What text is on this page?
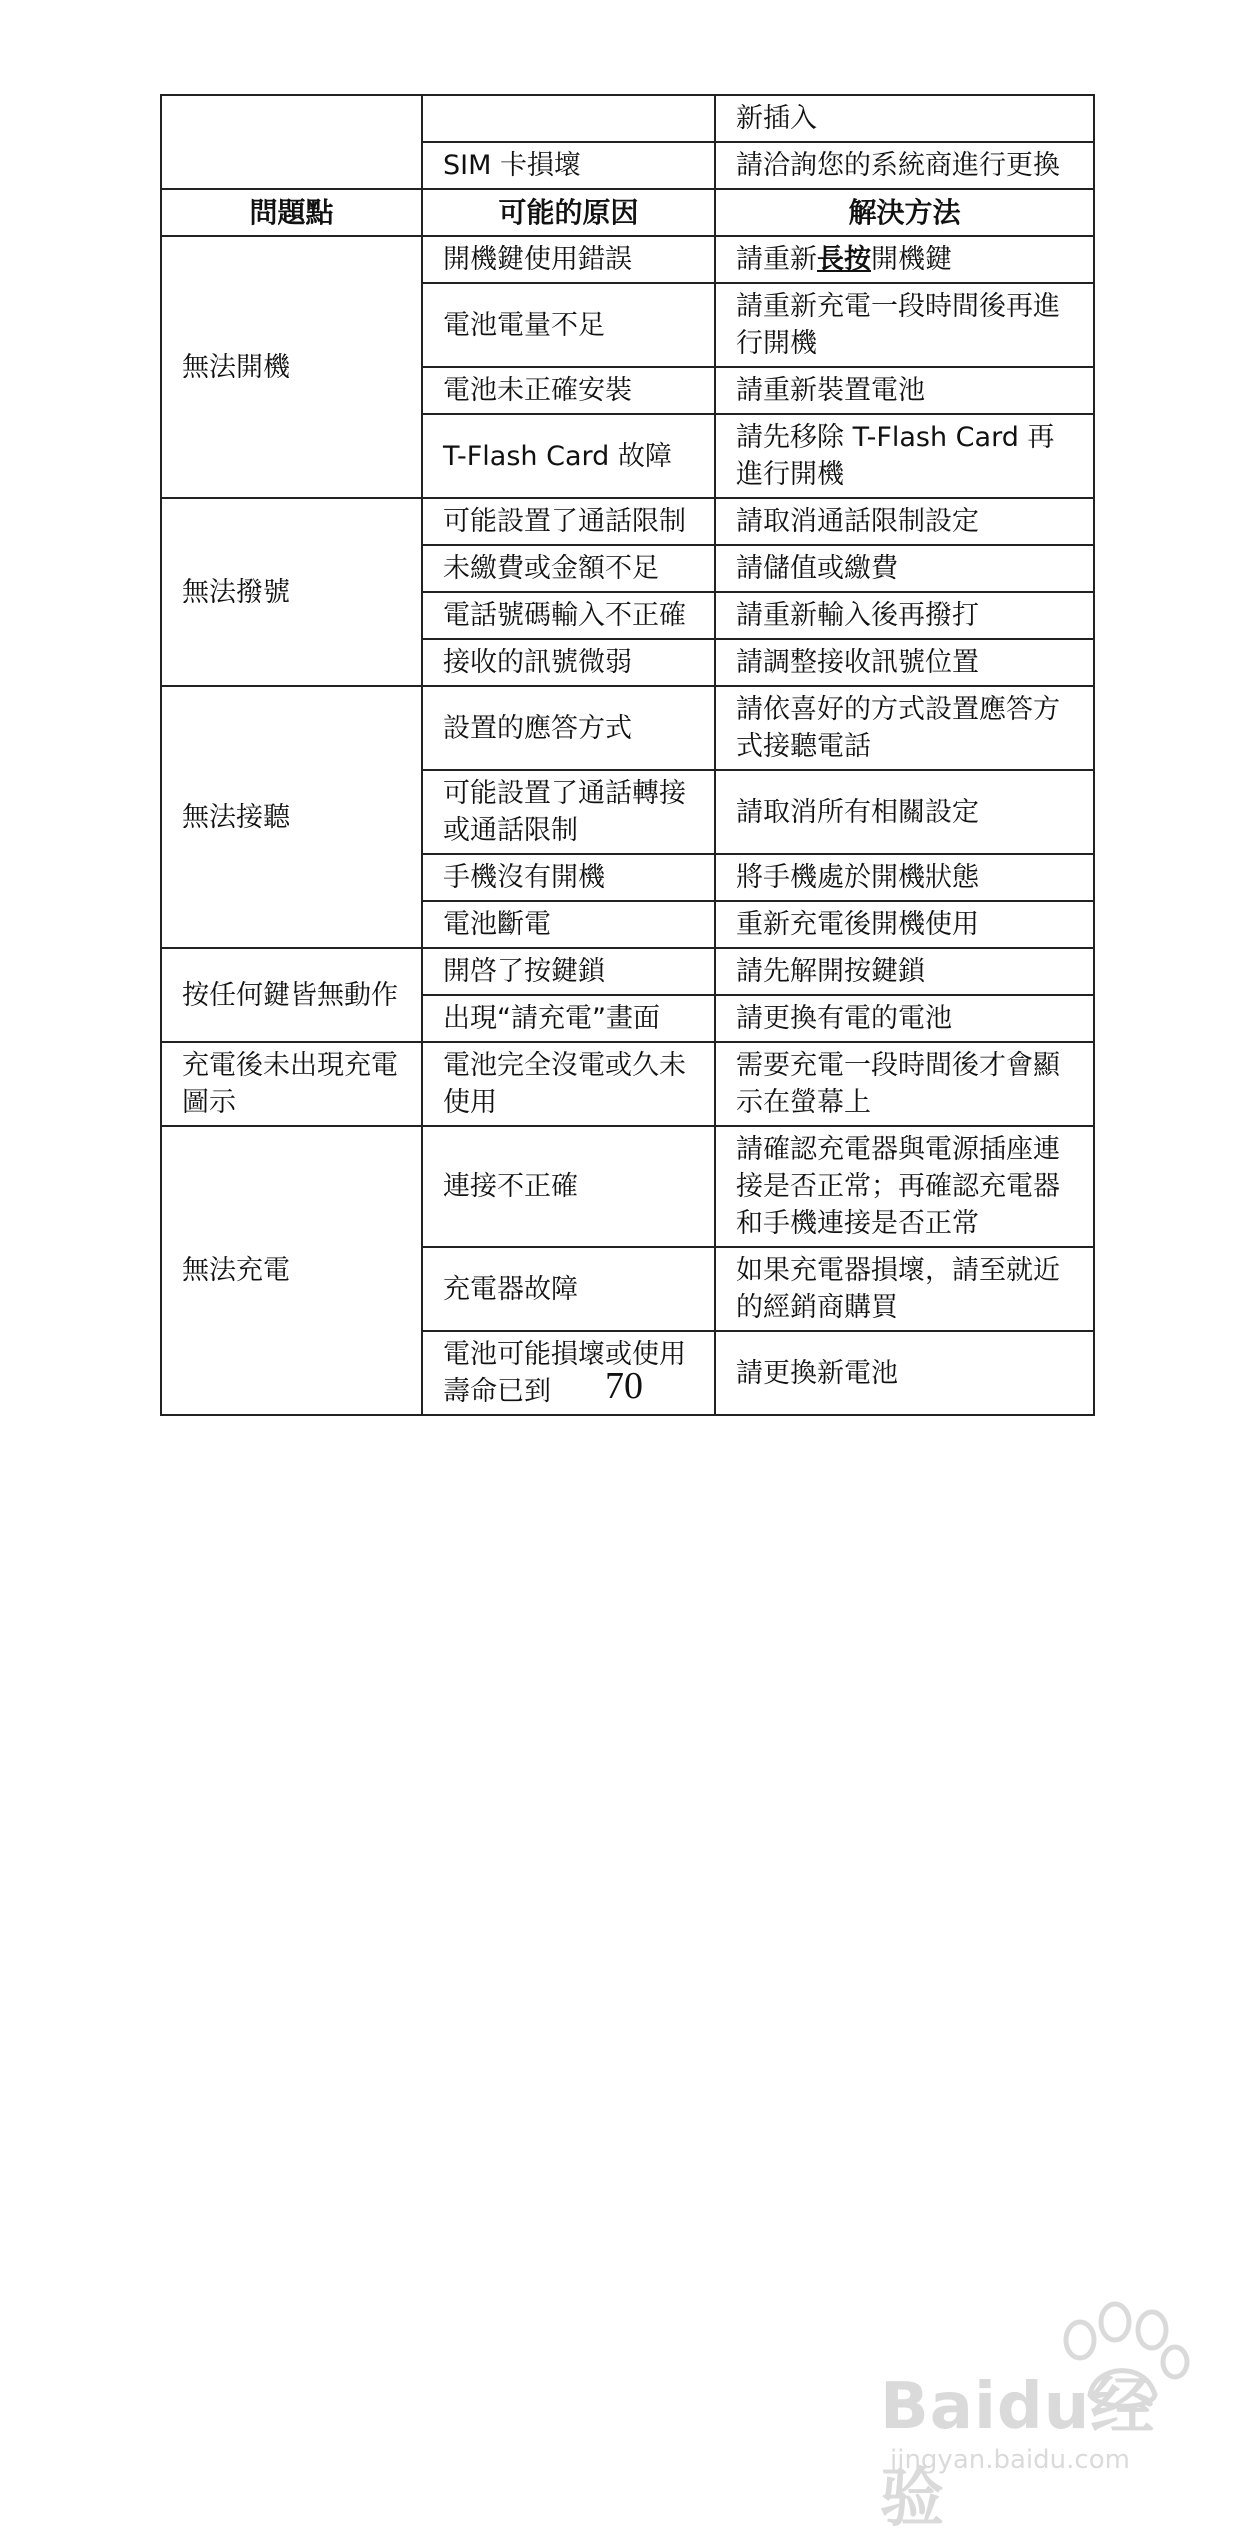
		新插入
	SIM 卡損壞	請洽詢您的系統商進行更換
問題點	可能的原因	解決方法
無法開機	開機鍵使用錯誤	請重新長按開機鍵
	電池電量不足	請重新充電一段時間後再進行開機
	電池未正確安裝	請重新裝置電池
	T-Flash Card 故障	請先移除 T-Flash Card 再進行開機
無法撥號	可能設置了通話限制	請取消通話限制設定
	未繳費或金額不足	請儲值或繳費
	電話號碼輸入不正確	請重新輸入後再撥打
	接收的訊號微弱	請調整接收訊號位置
無法接聽	設置的應答方式	請依喜好的方式設置應答方式接聽電話
	可能設置了通話轉接或通話限制	請取消所有相關設定
	手機沒有開機	將手機處於開機狀態
	電池斷電	重新充電後開機使用
按任何鍵皆無動作	開啓了按鍵鎖	請先解開按鍵鎖
	出現“請充電”畫面	請更換有電的電池
充電後未出現充電圖示	電池完全沒電或久未使用	需要充電一段時間後才會顯示在螢幕上
無法充電	連接不正確	請確認充電器與電源插座連接是否正常；再確認充電器和手機連接是否正常
	充電器故障	如果充電器損壞，請至就近的經銷商購買
	電池可能損壞或使用壽命已到	請更換新電池
70
Baidu经验
jingyan.baidu.com
